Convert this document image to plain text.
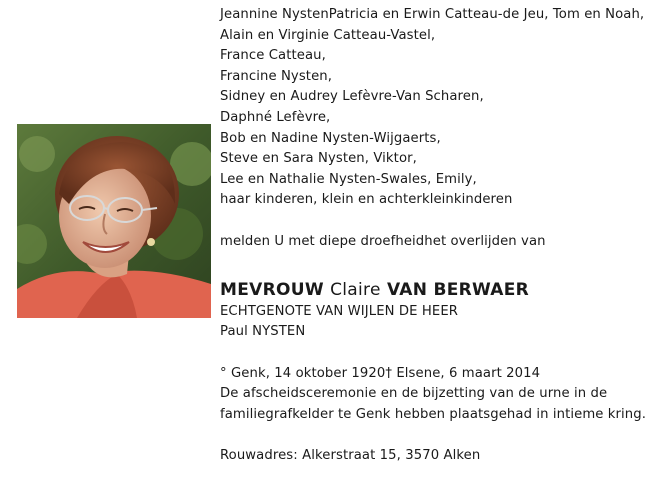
Jeannine NystenPatricia en Erwin Catteau-de Jeu, Tom en Noah,
Alain en Virginie Catteau-Vastel,
France Catteau,
Francine Nysten,
Sidney en Audrey Lefèvre-Van Scharen,
Daphné Lefèvre,
Bob en Nadine Nysten-Wijgaerts,
Steve en Sara Nysten, Viktor,
Lee en Nathalie Nysten-Swales, Emily,
haar kinderen, klein en achterkleinkinderen
melden U met diepe droefheidhet overlijden van
MEVROUW Claire VAN BERWAER
ECHTGENOTE VAN WIJLEN DE HEER
Paul NYSTEN
° Genk, 14 oktober 1920† Elsene, 6 maart 2014
De afscheidsceremonie en de bijzetting van de urne in de
familiegrafkelder te Genk hebben plaatsgehad in intieme kring.
Rouwadres: Alkerstraat 15, 3570 Alken
